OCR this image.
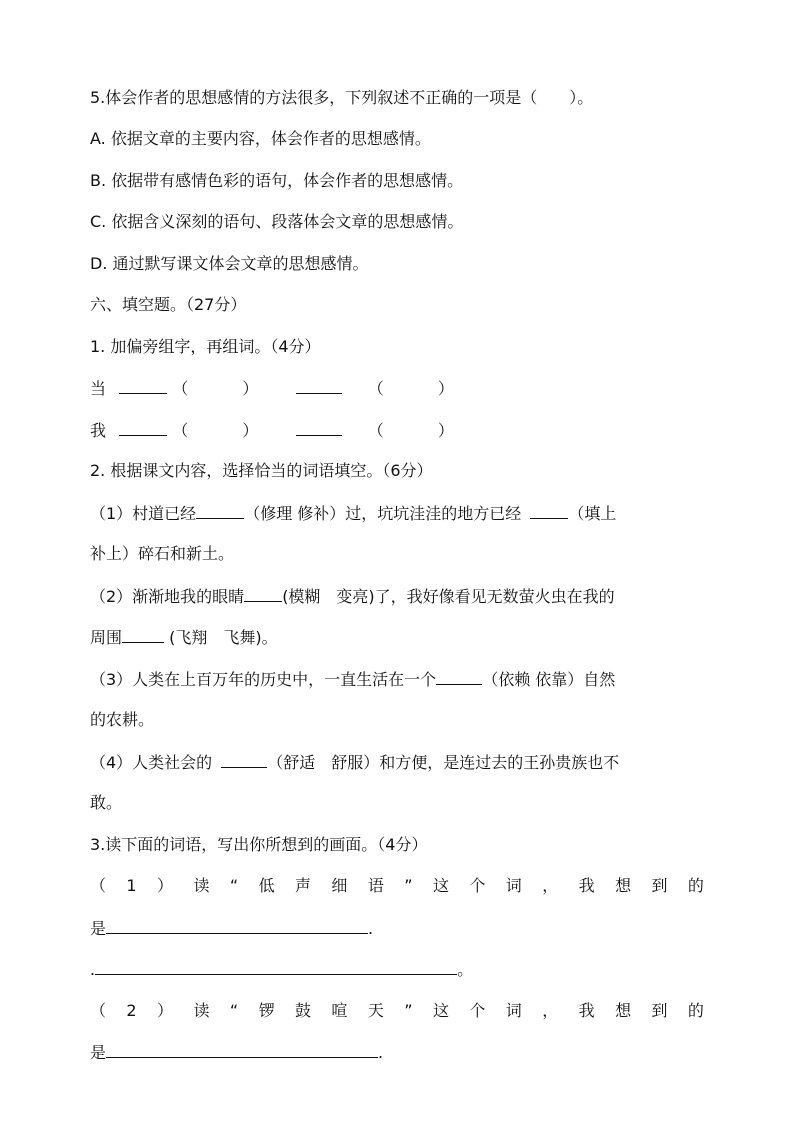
5.体会作者的思想感情的方法很多，下列叙述不正确的一项是（　　）。
A. 依据文章的主要内容，体会作者的思想感情。
B. 依据带有感情色彩的语句，体会作者的思想感情。
C. 依据含义深刻的语句、段落体会文章的思想感情。
D. 通过默写课文体会文章的思想感情。
六、填空题。（27分）
1. 加偏旁组字，再组词。（4分）
当	（	）	（	）
我	（	）	（	）
2. 根据课文内容，选择恰当的词语填空。（6分）
（1）村道已经	（修理 修补）过，坑坑洼洼的地方已经	（填上
补上）碎石和新土。
（2）渐渐地我的眼睛 (模糊　变亮)了，我好像看见无数萤火虫在我的
周围	(飞翔　飞舞)。
（3）人类在上百万年的历史中，一直生活在一个	（依赖 依靠）自然
的农耕。
（4）人类社会的	（舒适　舒服）和方便，是连过去的王孙贵族也不
敢。
3.读下面的词语，写出你所想到的画面。（4分）
（ 1 ） 读 “ 低 声 细 语 ” 这 个 词 ， 我 想 到 的
是	.
.	。
（ 2 ） 读 “ 锣 鼓 喧 天 ” 这 个 词 ， 我 想 到 的
是	.
